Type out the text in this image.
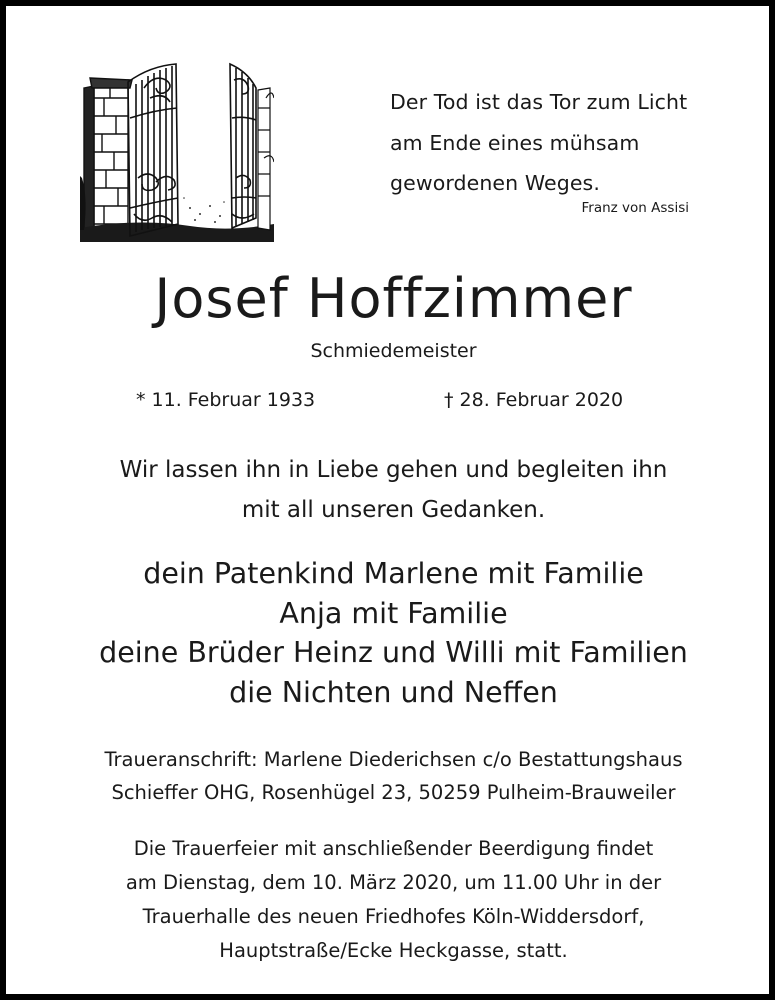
Der Tod ist das Tor zum Licht
am Ende eines mühsam
gewordenen Weges.
Franz von Assisi
Josef Hoffzimmer
Schmiedemeister
* 11. Februar 1933	† 28. Februar 2020
Wir lassen ihn in Liebe gehen und begleiten ihn
mit all unseren Gedanken.
dein Patenkind Marlene mit Familie
Anja mit Familie
deine Brüder Heinz und Willi mit Familien
die Nichten und Neffen
Traueranschrift: Marlene Diederichsen c/o Bestattungshaus
Schieffer OHG, Rosenhügel 23, 50259 Pulheim-Brauweiler
Die Trauerfeier mit anschließender Beerdigung findet
am Dienstag, dem 10. März 2020, um 11.00 Uhr in der
Trauerhalle des neuen Friedhofes Köln-Widdersdorf,
Hauptstraße/Ecke Heckgasse, statt.
